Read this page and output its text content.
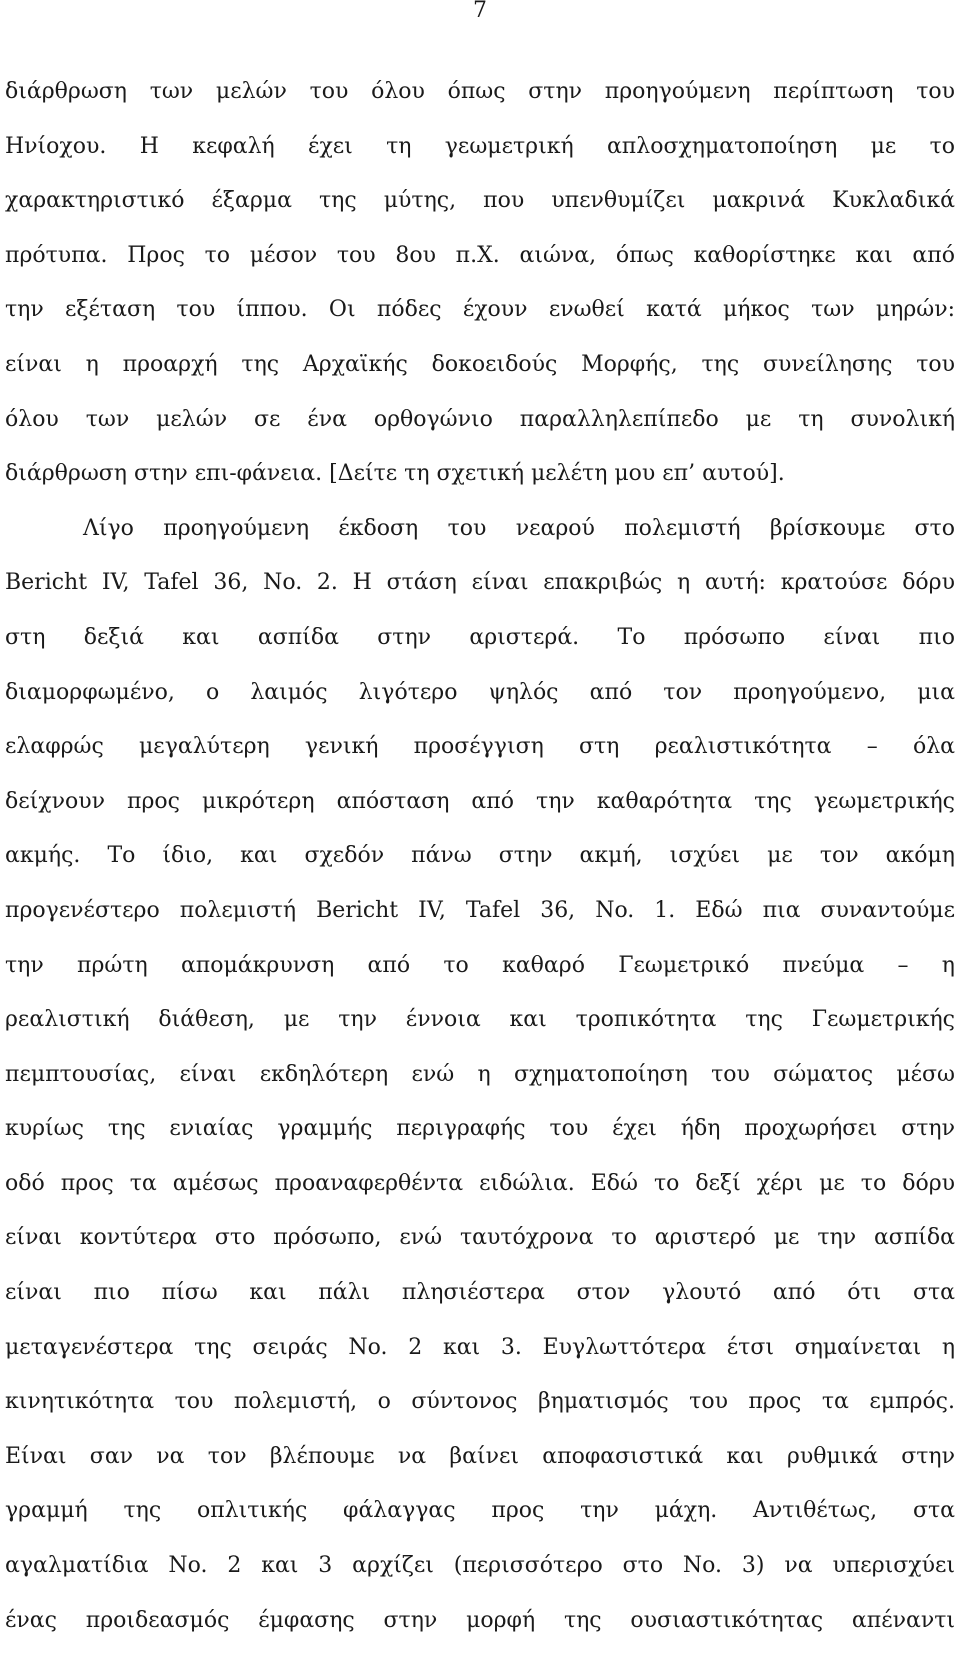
7
διάρθρωση των μελών του όλου όπως στην προηγούμενη περίπτωση του
Ηνίοχου. Η κεφαλή έχει τη γεωμετρική απλοσχηματοποίηση με το
χαρακτηριστικό έξαρμα της μύτης, που υπενθυμίζει μακρινά Κυκλαδικά
πρότυπα. Προς το μέσον του 8ου π.Χ. αιώνα, όπως καθορίστηκε και από
την εξέταση του ίππου. Οι πόδες έχουν ενωθεί κατά μήκος των μηρών:
είναι η προαρχή της Αρχαϊκής δοκοειδούς Μορφής, της συνείλησης του
όλου των μελών σε ένα ορθογώνιο παραλληλεπίπεδο με τη συνολική
διάρθρωση στην επι-φάνεια. [Δείτε τη σχετική μελέτη μου επ’ αυτού].
Λίγο προηγούμενη έκδοση του νεαρού πολεμιστή βρίσκουμε στο
Bericht IV, Tafel 36, No. 2. Η στάση είναι επακριβώς η αυτή: κρατούσε δόρυ
στη δεξιά και ασπίδα στην αριστερά. Το πρόσωπο είναι πιο
διαμορφωμένο, ο λαιμός λιγότερο ψηλός από τον προηγούμενο, μια
ελαφρώς μεγαλύτερη γενική προσέγγιση στη ρεαλιστικότητα – όλα
δείχνουν προς μικρότερη απόσταση από την καθαρότητα της γεωμετρικής
ακμής. Το ίδιο, και σχεδόν πάνω στην ακμή, ισχύει με τον ακόμη
προγενέστερο πολεμιστή Bericht IV, Tafel 36, No. 1. Εδώ πια συναντούμε
την πρώτη απομάκρυνση από το καθαρό Γεωμετρικό πνεύμα – η
ρεαλιστική διάθεση, με την έννοια και τροπικότητα της Γεωμετρικής
πεμπτουσίας, είναι εκδηλότερη ενώ η σχηματοποίηση του σώματος μέσω
κυρίως της ενιαίας γραμμής περιγραφής του έχει ήδη προχωρήσει στην
οδό προς τα αμέσως προαναφερθέντα ειδώλια. Εδώ το δεξί χέρι με το δόρυ
είναι κοντύτερα στο πρόσωπο, ενώ ταυτόχρονα το αριστερό με την ασπίδα
είναι πιο πίσω και πάλι πλησιέστερα στον γλουτό από ότι στα
μεταγενέστερα της σειράς No. 2 και 3. Ευγλωττότερα έτσι σημαίνεται η
κινητικότητα του πολεμιστή, ο σύντονος βηματισμός του προς τα εμπρός.
Είναι σαν να τον βλέπουμε να βαίνει αποφασιστικά και ρυθμικά στην
γραμμή της οπλιτικής φάλαγγας προς την μάχη. Αντιθέτως, στα
αγαλματίδια No. 2 και 3 αρχίζει (περισσότερο στο No. 3) να υπερισχύει
ένας προιδεασμός έμφασης στην μορφή της ουσιαστικότητας απέναντι
